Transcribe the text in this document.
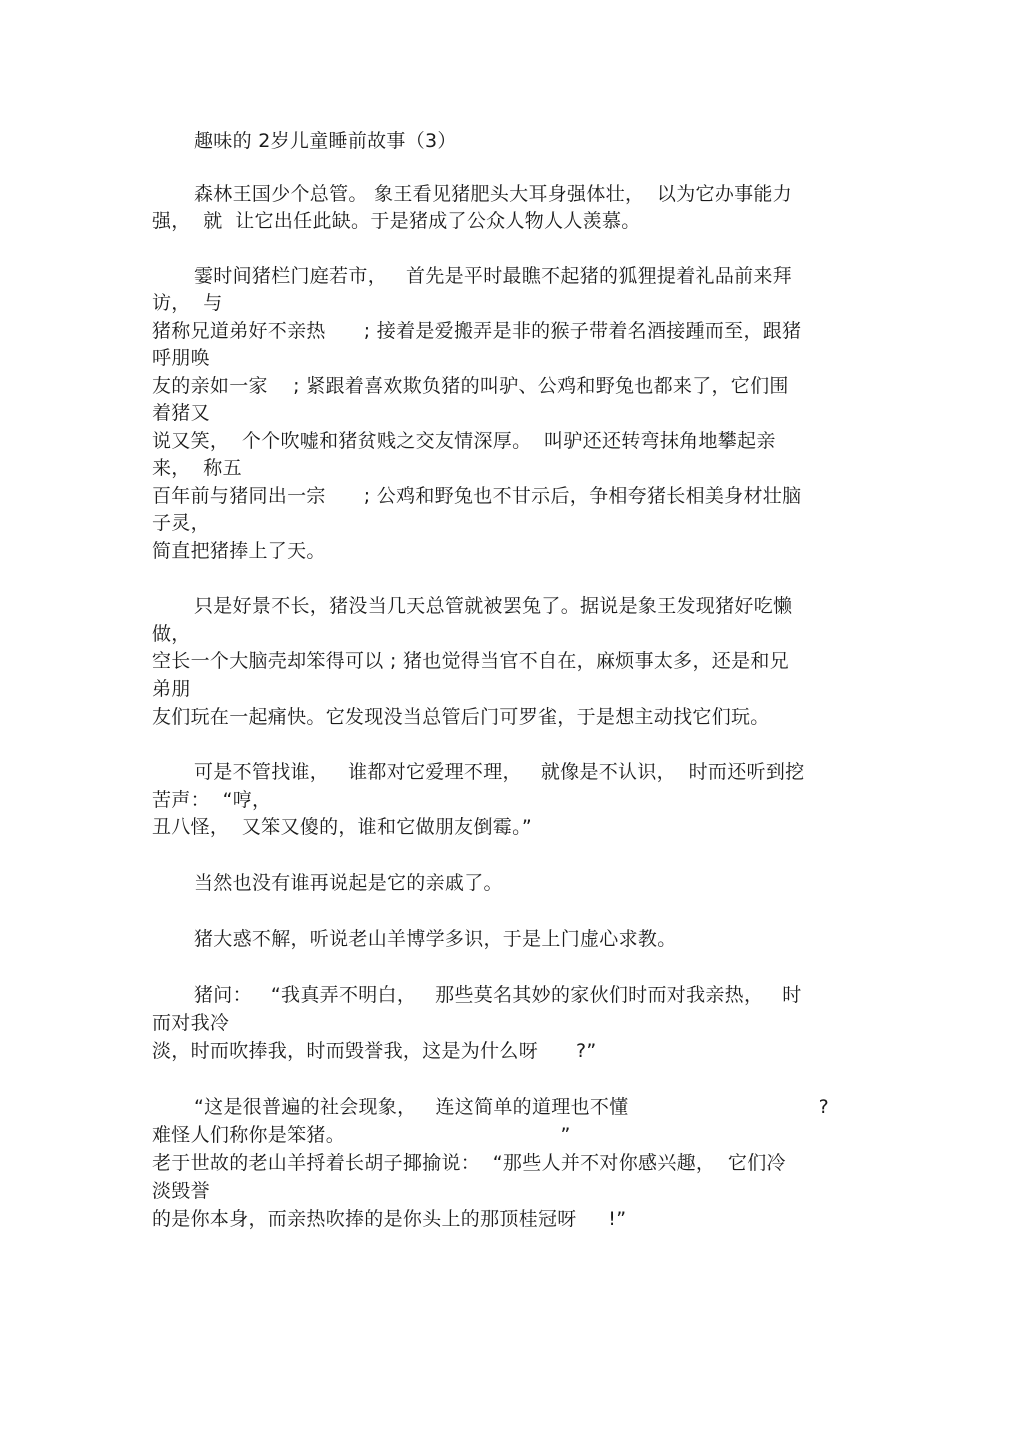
趣味的 2岁儿童睡前故事（3）
森林王国少个总管。 象王看见猪肥头大耳身强体壮，  以为它办事能力
强，  就  让它出任此缺。于是猪成了公众人物人人羡慕。
霎时间猪栏门庭若市，   首先是平时最瞧不起猪的狐狸提着礼品前来拜
访，  与
猪称兄道弟好不亲热      ; 接着是爱搬弄是非的猴子带着名酒接踵而至，跟猪
呼朋唤
友的亲如一家    ; 紧跟着喜欢欺负猪的叫驴、公鸡和野兔也都来了，它们围
着猪又
说又笑，  个个吹嘘和猪贫贱之交友情深厚。  叫驴还还转弯抹角地攀起亲
来，  称五
百年前与猪同出一宗      ; 公鸡和野兔也不甘示后，争相夸猪长相美身材壮脑
子灵，
简直把猪捧上了天。
只是好景不长，猪没当几天总管就被罢兔了。据说是象王发现猪好吃懒
做，
空长一个大脑壳却笨得可以 ; 猪也觉得当官不自在，麻烦事太多，还是和兄
弟朋
友们玩在一起痛快。它发现没当总管后门可罗雀，于是想主动找它们玩。
可是不管找谁，   谁都对它爱理不理，   就像是不认识，  时而还听到挖
苦声：  “哼，
丑八怪，  又笨又傻的，谁和它做朋友倒霉。”
当然也没有谁再说起是它的亲戚了。
猪大惑不解，听说老山羊博学多识，于是上门虚心求教。
猪问：   “我真弄不明白，   那些莫名其妙的家伙们时而对我亲热，   时
而对我冷
淡，时而吹捧我，时而毁誉我，这是为什么呀      ?”
“这是很普遍的社会现象，   连这简单的道理也不懂                              ?
难怪人们称你是笨猪。                                  ”
老于世故的老山羊捋着长胡子揶揄说：  “那些人并不对你感兴趣，  它们冷
淡毁誉
的是你本身，而亲热吹捧的是你头上的那顶桂冠呀     !”
